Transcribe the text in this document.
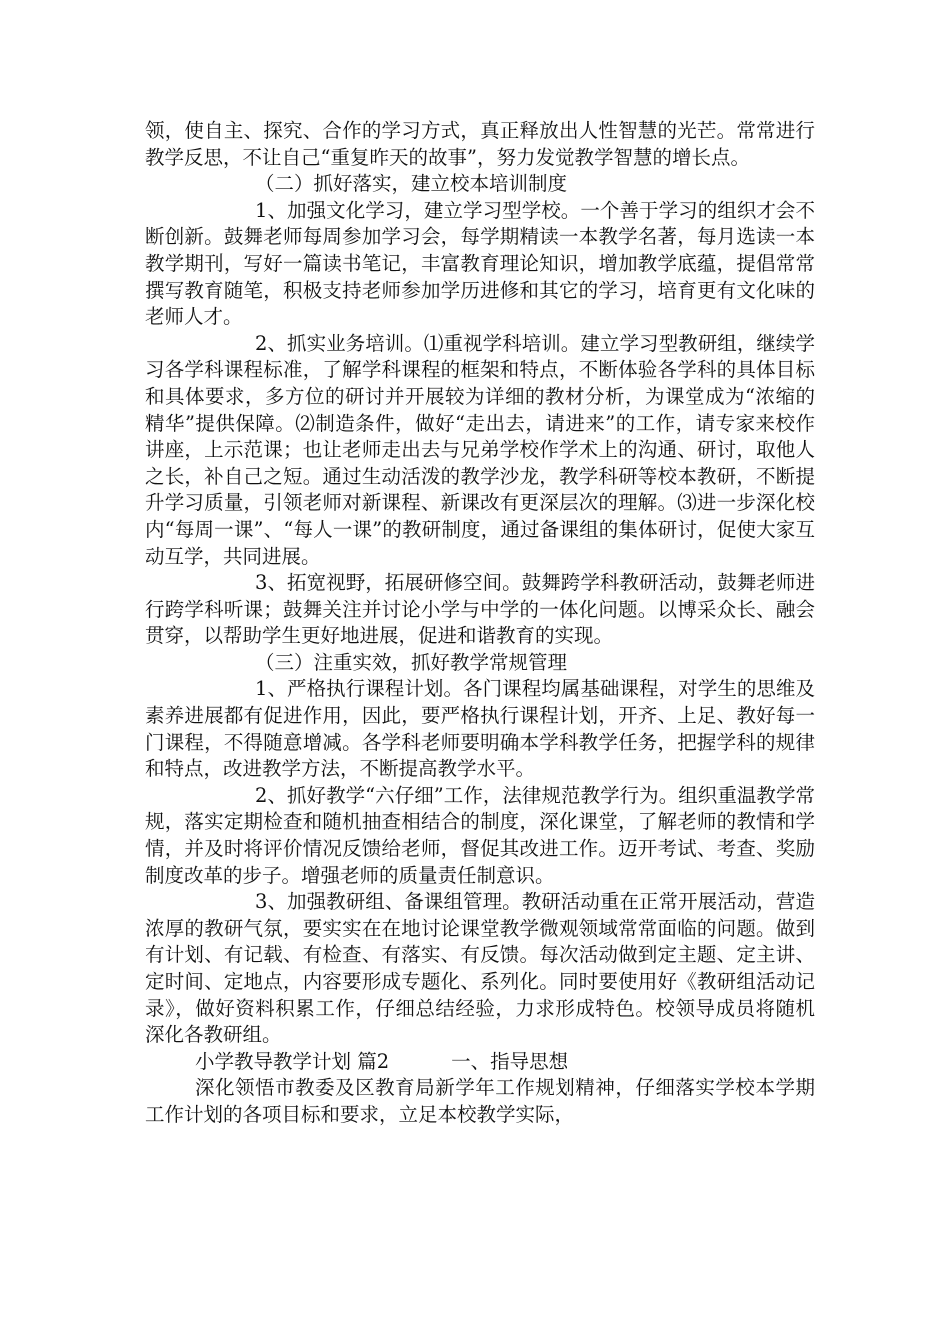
领，使自主、探究、合作的学习方式，真正释放出人性智慧的光芒。常常进行教学反思，不让自己“重复昨天的故事”，努力发觉教学智慧的增长点。

（二）抓好落实，建立校本培训制度

1、加强文化学习，建立学习型学校。一个善于学习的组织才会不断创新。鼓舞老师每周参加学习会，每学期精读一本教学名著，每月选读一本教学期刊，写好一篇读书笔记，丰富教育理论知识，增加教学底蕴，提倡常常撰写教育随笔，积极支持老师参加学历进修和其它的学习，培育更有文化味的老师人才。

2、抓实业务培训。⑴重视学科培训。建立学习型教研组，继续学习各学科课程标准，了解学科课程的框架和特点，不断体验各学科的具体目标和具体要求，多方位的研讨并开展较为详细的教材分析，为课堂成为“浓缩的精华”提供保障。⑵制造条件，做好“走出去，请进来”的工作，请专家来校作讲座，上示范课；也让老师走出去与兄弟学校作学术上的沟通、研讨，取他人之长，补自己之短。通过生动活泼的教学沙龙，教学科研等校本教研，不断提升学习质量，引领老师对新课程、新课改有更深层次的理解。⑶进一步深化校内“每周一课”、“每人一课”的教研制度，通过备课组的集体研讨，促使大家互动互学，共同进展。

3、拓宽视野，拓展研修空间。鼓舞跨学科教研活动，鼓舞老师进行跨学科听课；鼓舞关注并讨论小学与中学的一体化问题。以博采众长、融会贯穿，以帮助学生更好地进展，促进和谐教育的实现。

（三）注重实效，抓好教学常规管理

1、严格执行课程计划。各门课程均属基础课程，对学生的思维及素养进展都有促进作用，因此，要严格执行课程计划，开齐、上足、教好每一门课程，不得随意增减。各学科老师要明确本学科教学任务，把握学科的规律和特点，改进教学方法，不断提高教学水平。

2、抓好教学“六仔细”工作，法律规范教学行为。组织重温教学常规，落实定期检查和随机抽查相结合的制度，深化课堂，了解老师的教情和学情，并及时将评价情况反馈给老师，督促其改进工作。迈开考试、考查、奖励制度改革的步子。增强老师的质量责任制意识。

3、加强教研组、备课组管理。教研活动重在正常开展活动，营造浓厚的教研气氛，要实实在在地讨论课堂教学微观领域常常面临的问题。做到有计划、有记载、有检查、有落实、有反馈。每次活动做到定主题、定主讲、定时间、定地点，内容要形成专题化、系列化。同时要使用好《教研组活动记录》，做好资料积累工作，仔细总结经验，力求形成特色。校领导成员将随机深化各教研组。

小学教导教学计划 篇2	一、指导思想

深化领悟市教委及区教育局新学年工作规划精神，仔细落实学校本学期工作计划的各项目标和要求，立足本校教学实际，
